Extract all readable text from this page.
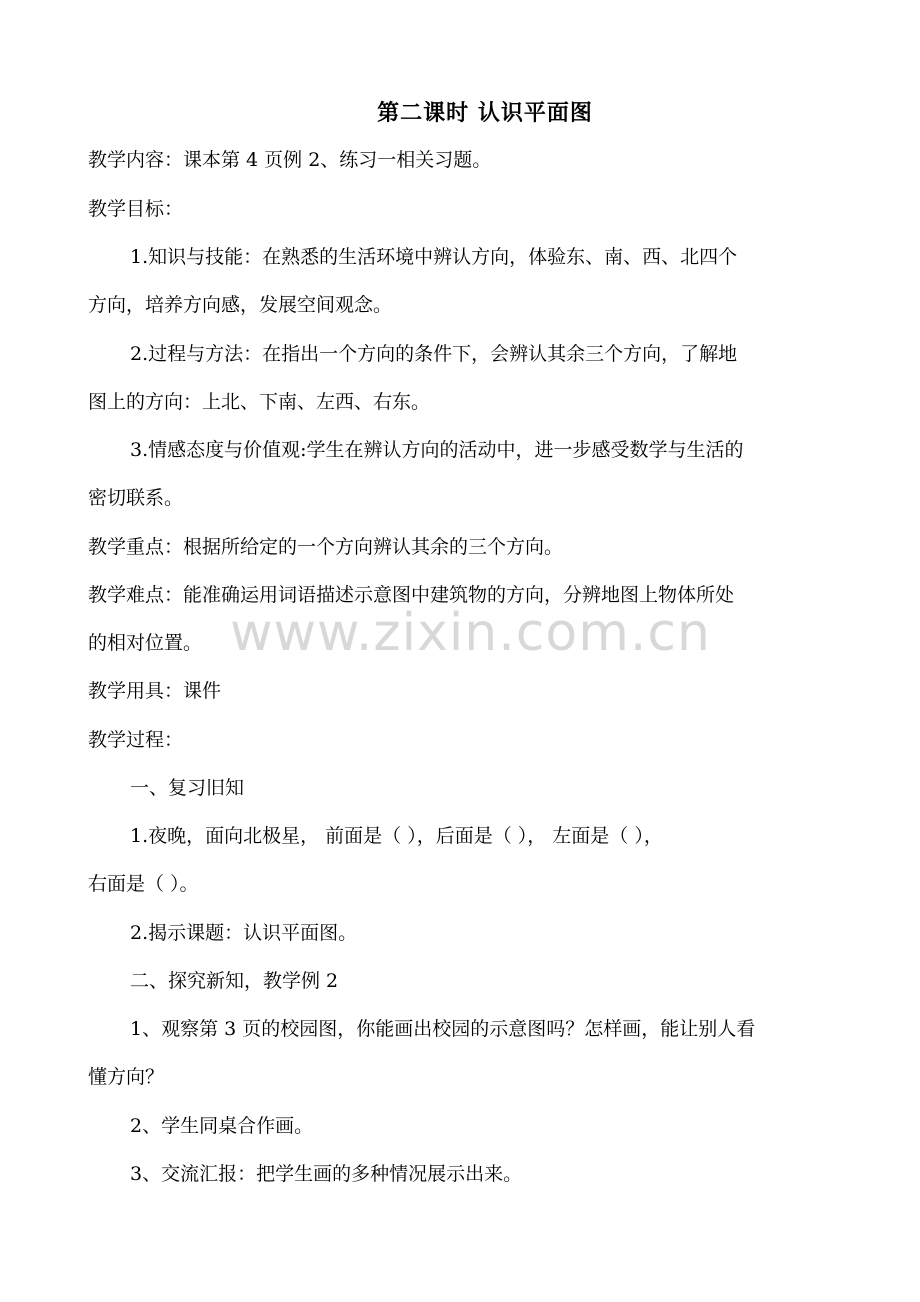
第二课时 认识平面图
教学内容：课本第 4 页例 2、练习一相关习题。
教学目标：
1.知识与技能：在熟悉的生活环境中辨认方向，体验东、南、西、北四个
方向，培养方向感，发展空间观念。
2.过程与方法：在指出一个方向的条件下，会辨认其余三个方向，了解地
图上的方向：上北、下南、左西、右东。
3.情感态度与价值观:学生在辨认方向的活动中，进一步感受数学与生活的
密切联系。
教学重点：根据所给定的一个方向辨认其余的三个方向。
教学难点：能准确运用词语描述示意图中建筑物的方向，分辨地图上物体所处
的相对位置。
教学用具：课件
教学过程：
一、复习旧知
1.夜晚，面向北极星， 前面是（ ），后面是（ ）， 左面是（ ），
右面是（ ）。
2.揭示课题：认识平面图。
二、探究新知，教学例 2
1、观察第 3 页的校园图，你能画出校园的示意图吗？怎样画，能让别人看
懂方向？
2、学生同桌合作画。
3、交流汇报：把学生画的多种情况展示出来。
www.zixin.com.cn
